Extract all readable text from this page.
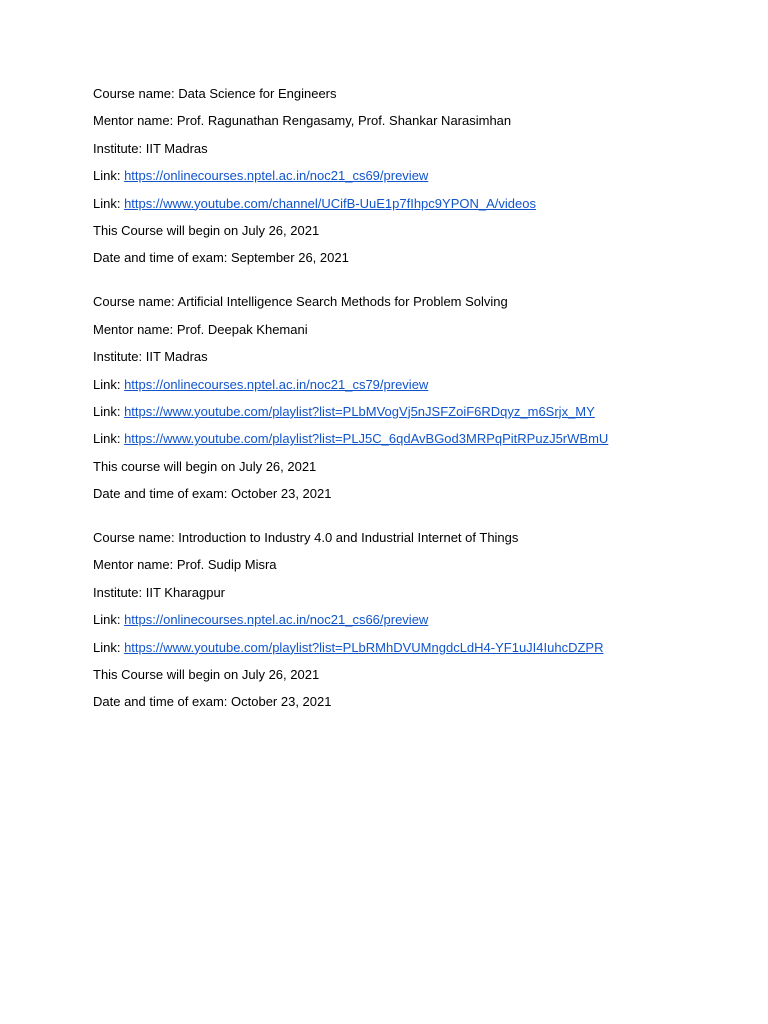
Course name: Data Science for Engineers
Mentor name: Prof. Ragunathan Rengasamy, Prof. Shankar Narasimhan
Institute: IIT Madras
Link: https://onlinecourses.nptel.ac.in/noc21_cs69/preview
Link: https://www.youtube.com/channel/UCifB-UuE1p7fIhpc9YPON_A/videos
This Course will begin on July 26, 2021
Date and time of exam: September 26, 2021
Course name: Artificial Intelligence Search Methods for Problem Solving
Mentor name: Prof. Deepak Khemani
Institute: IIT Madras
Link: https://onlinecourses.nptel.ac.in/noc21_cs79/preview
Link: https://www.youtube.com/playlist?list=PLbMVogVj5nJSFZoiF6RDqyz_m6Srjx_MY
Link: https://www.youtube.com/playlist?list=PLJ5C_6qdAvBGod3MRPqPitRPuzJ5rWBmU
This course will begin on July 26, 2021
Date and time of exam: October 23, 2021
Course name: Introduction to Industry 4.0 and Industrial Internet of Things
Mentor name: Prof. Sudip Misra
Institute: IIT Kharagpur
Link: https://onlinecourses.nptel.ac.in/noc21_cs66/preview
Link: https://www.youtube.com/playlist?list=PLbRMhDVUMngdcLdH4-YF1uJI4IuhcDZPR
This Course will begin on July 26, 2021
Date and time of exam: October 23, 2021
